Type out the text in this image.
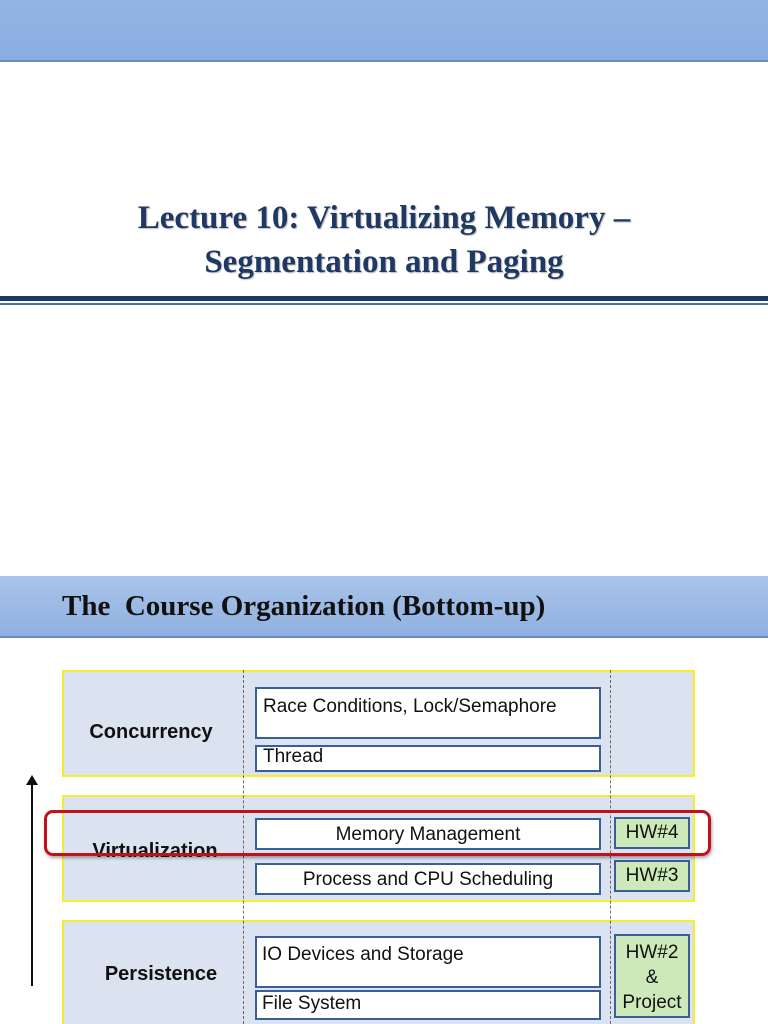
Lecture 10: Virtualizing Memory –
Segmentation and Paging
The  Course Organization (Bottom-up)
Concurrency
Race Conditions, Lock/Semaphore
Thread
Virtualization
Memory Management
Process and CPU Scheduling
HW#4
HW#3
Persistence
IO Devices and Storage
File System
HW#2
&
Project
